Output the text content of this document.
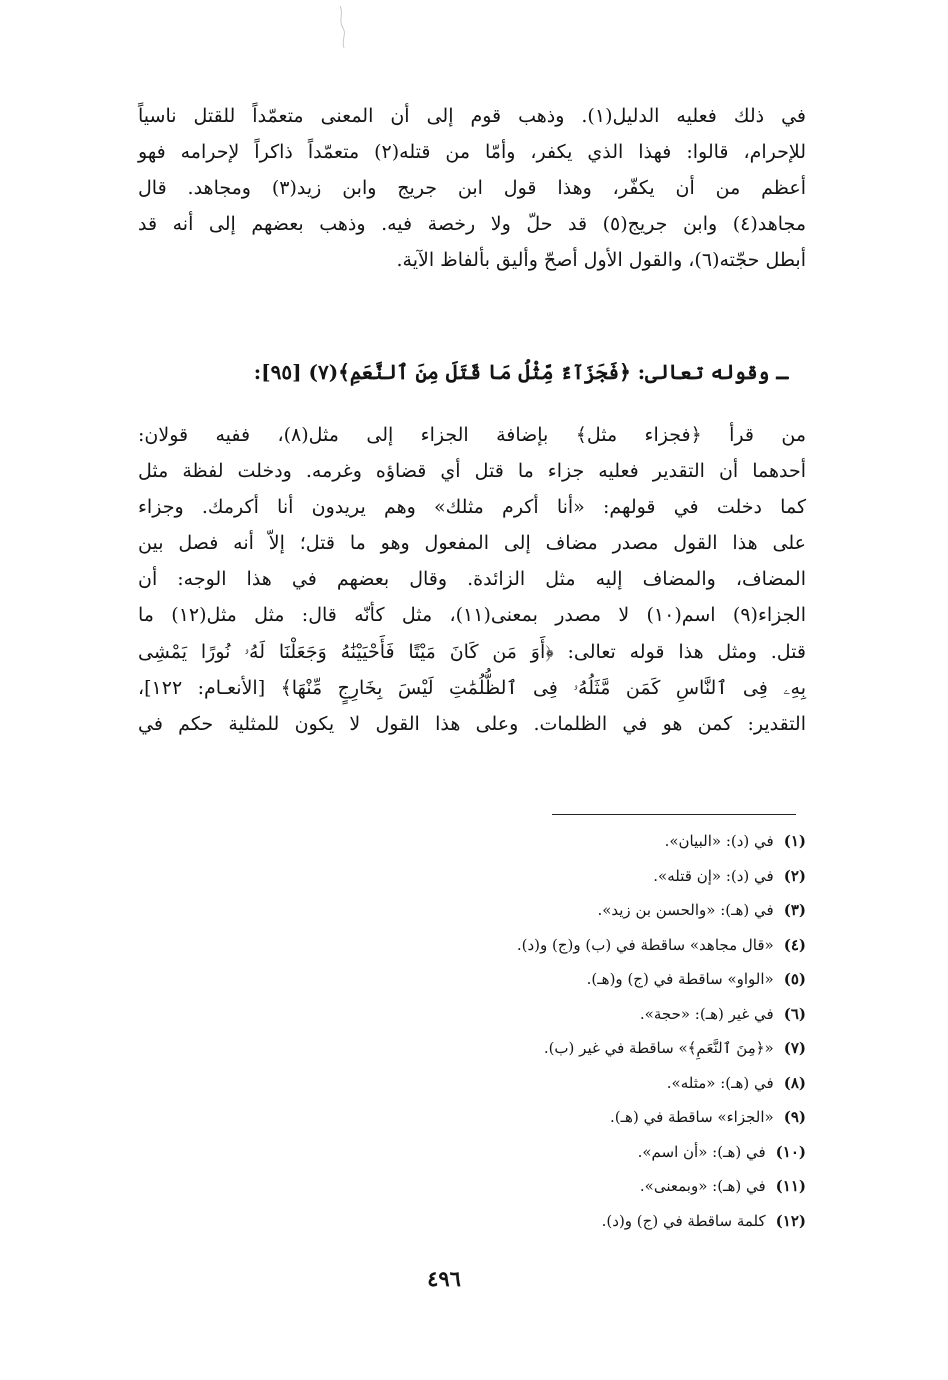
في ذلك فعليه الدليل(١). وذهب قوم إلى أن المعنى متعمّداً للقتل ناسياً
للإحرام، قالوا: فهذا الذي يكفر، وأمّا من قتله(٢) متعمّداً ذاكراً لإحرامه فهو
أعظم من أن يكفّر، وهذا قول ابن جريج وابن زيد(٣) ومجاهد. قال
مجاهد(٤) وابن جريج(٥) قد حلّ ولا رخصة فيه. وذهب بعضهم إلى أنه قد
أبطل حجّته(٦)، والقول الأول أصحّ وأليق بألفاظ الآية.
ـ وقوله تعالى: ﴿فَجَزَآءٌ مِّثْلُ مَا قَتَلَ مِنَ ٱلنَّعَمِ﴾(٧) [٩٥]:
من قرأ ﴿فجزاء مثل﴾ بإضافة الجزاء إلى مثل(٨)، ففيه قولان:
أحدهما أن التقدير فعليه جزاء ما قتل أي قضاؤه وغرمه. ودخلت لفظة مثل
كما دخلت في قولهم: «أنا أكرم مثلك» وهم يريدون أنا أكرمك. وجزاء
على هذا القول مصدر مضاف إلى المفعول وهو ما قتل؛ إلاّ أنه فصل بين
المضاف، والمضاف إليه مثل الزائدة. وقال بعضهم في هذا الوجه: أن
الجزاء(٩) اسم(١٠) لا مصدر بمعنى(١١)، مثل كأنّه قال: مثل مثل(١٢) ما
قتل. ومثل هذا قوله تعالى: ﴿أَوَ مَن كَانَ مَيْتًا فَأَحْيَيْنَٰهُ وَجَعَلْنَا لَهُۥ نُورًا يَمْشِى
بِهِۦ فِى ٱلنَّاسِ كَمَن مَّثَلُهُۥ فِى ٱلظُّلُمَٰتِ لَيْسَ بِخَارِجٍ مِّنْهَا﴾ [الأنعـام: ١٢٢]،
التقدير: كمن هو في الظلمات. وعلى هذا القول لا يكون للمثلية حكم في
(١)في (د): «البيان».
(٢)في (د): «إن قتله».
(٣)في (هـ): «والحسن بن زيد».
(٤)«قال مجاهد» ساقطة في (ب) و(ج) و(د).
(٥)«الواو» ساقطة في (ج) و(هـ).
(٦)في غير (هـ): «حجة».
(٧)«﴿مِنَ ٱلنَّعَمِ﴾» ساقطة في غير (ب).
(٨)في (هـ): «مثله».
(٩)«الجزاء» ساقطة في (هـ).
(١٠)في (هـ): «أن اسم».
(١١)في (هـ): «وبمعنى».
(١٢)كلمة ساقطة في (ج) و(د).
٤٩٦
